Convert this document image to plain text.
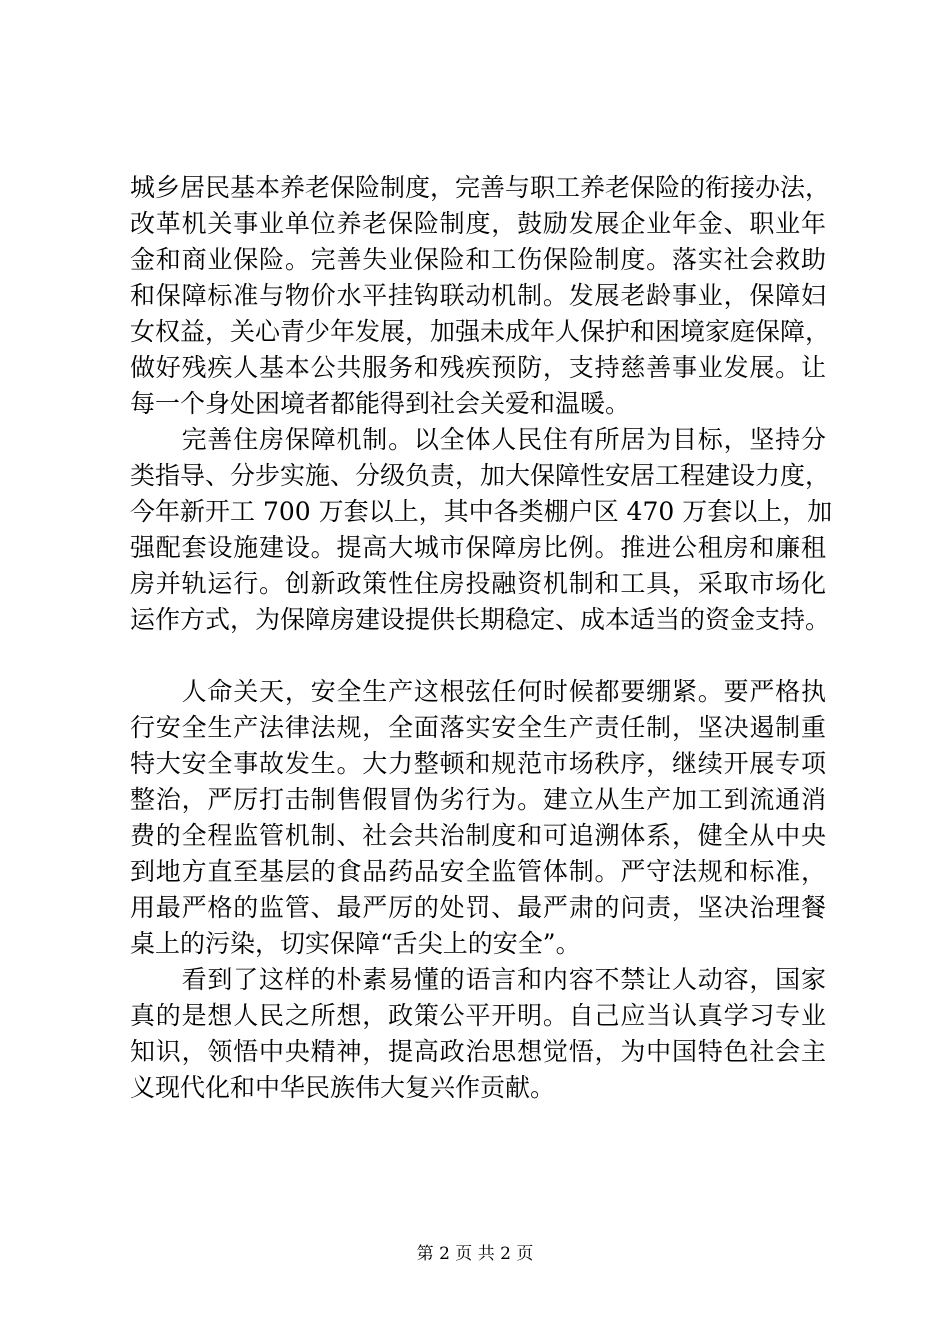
城乡居民基本养老保险制度，完善与职工养老保险的衔接办法，
改革机关事业单位养老保险制度，鼓励发展企业年金、职业年
金和商业保险。完善失业保险和工伤保险制度。落实社会救助
和保障标准与物价水平挂钩联动机制。发展老龄事业，保障妇
女权益，关心青少年发展，加强未成年人保护和困境家庭保障，
做好残疾人基本公共服务和残疾预防，支持慈善事业发展。让
每一个身处困境者都能得到社会关爱和温暖。
　　完善住房保障机制。以全体人民住有所居为目标，坚持分
类指导、分步实施、分级负责，加大保障性安居工程建设力度，
今年新开工 700 万套以上，其中各类棚户区 470 万套以上，加
强配套设施建设。提高大城市保障房比例。推进公租房和廉租
房并轨运行。创新政策性住房投融资机制和工具，采取市场化
运作方式，为保障房建设提供长期稳定、成本适当的资金支持。
　　人命关天，安全生产这根弦任何时候都要绷紧。要严格执
行安全生产法律法规，全面落实安全生产责任制，坚决遏制重
特大安全事故发生。大力整顿和规范市场秩序，继续开展专项
整治，严厉打击制售假冒伪劣行为。建立从生产加工到流通消
费的全程监管机制、社会共治制度和可追溯体系，健全从中央
到地方直至基层的食品药品安全监管体制。严守法规和标准，
用最严格的监管、最严厉的处罚、最严肃的问责，坚决治理餐
桌上的污染，切实保障“舌尖上的安全”。
　　看到了这样的朴素易懂的语言和内容不禁让人动容，国家
真的是想人民之所想，政策公平开明。自己应当认真学习专业
知识，领悟中央精神，提高政治思想觉悟，为中国特色社会主
义现代化和中华民族伟大复兴作贡献。
第 2 页 共 2 页
